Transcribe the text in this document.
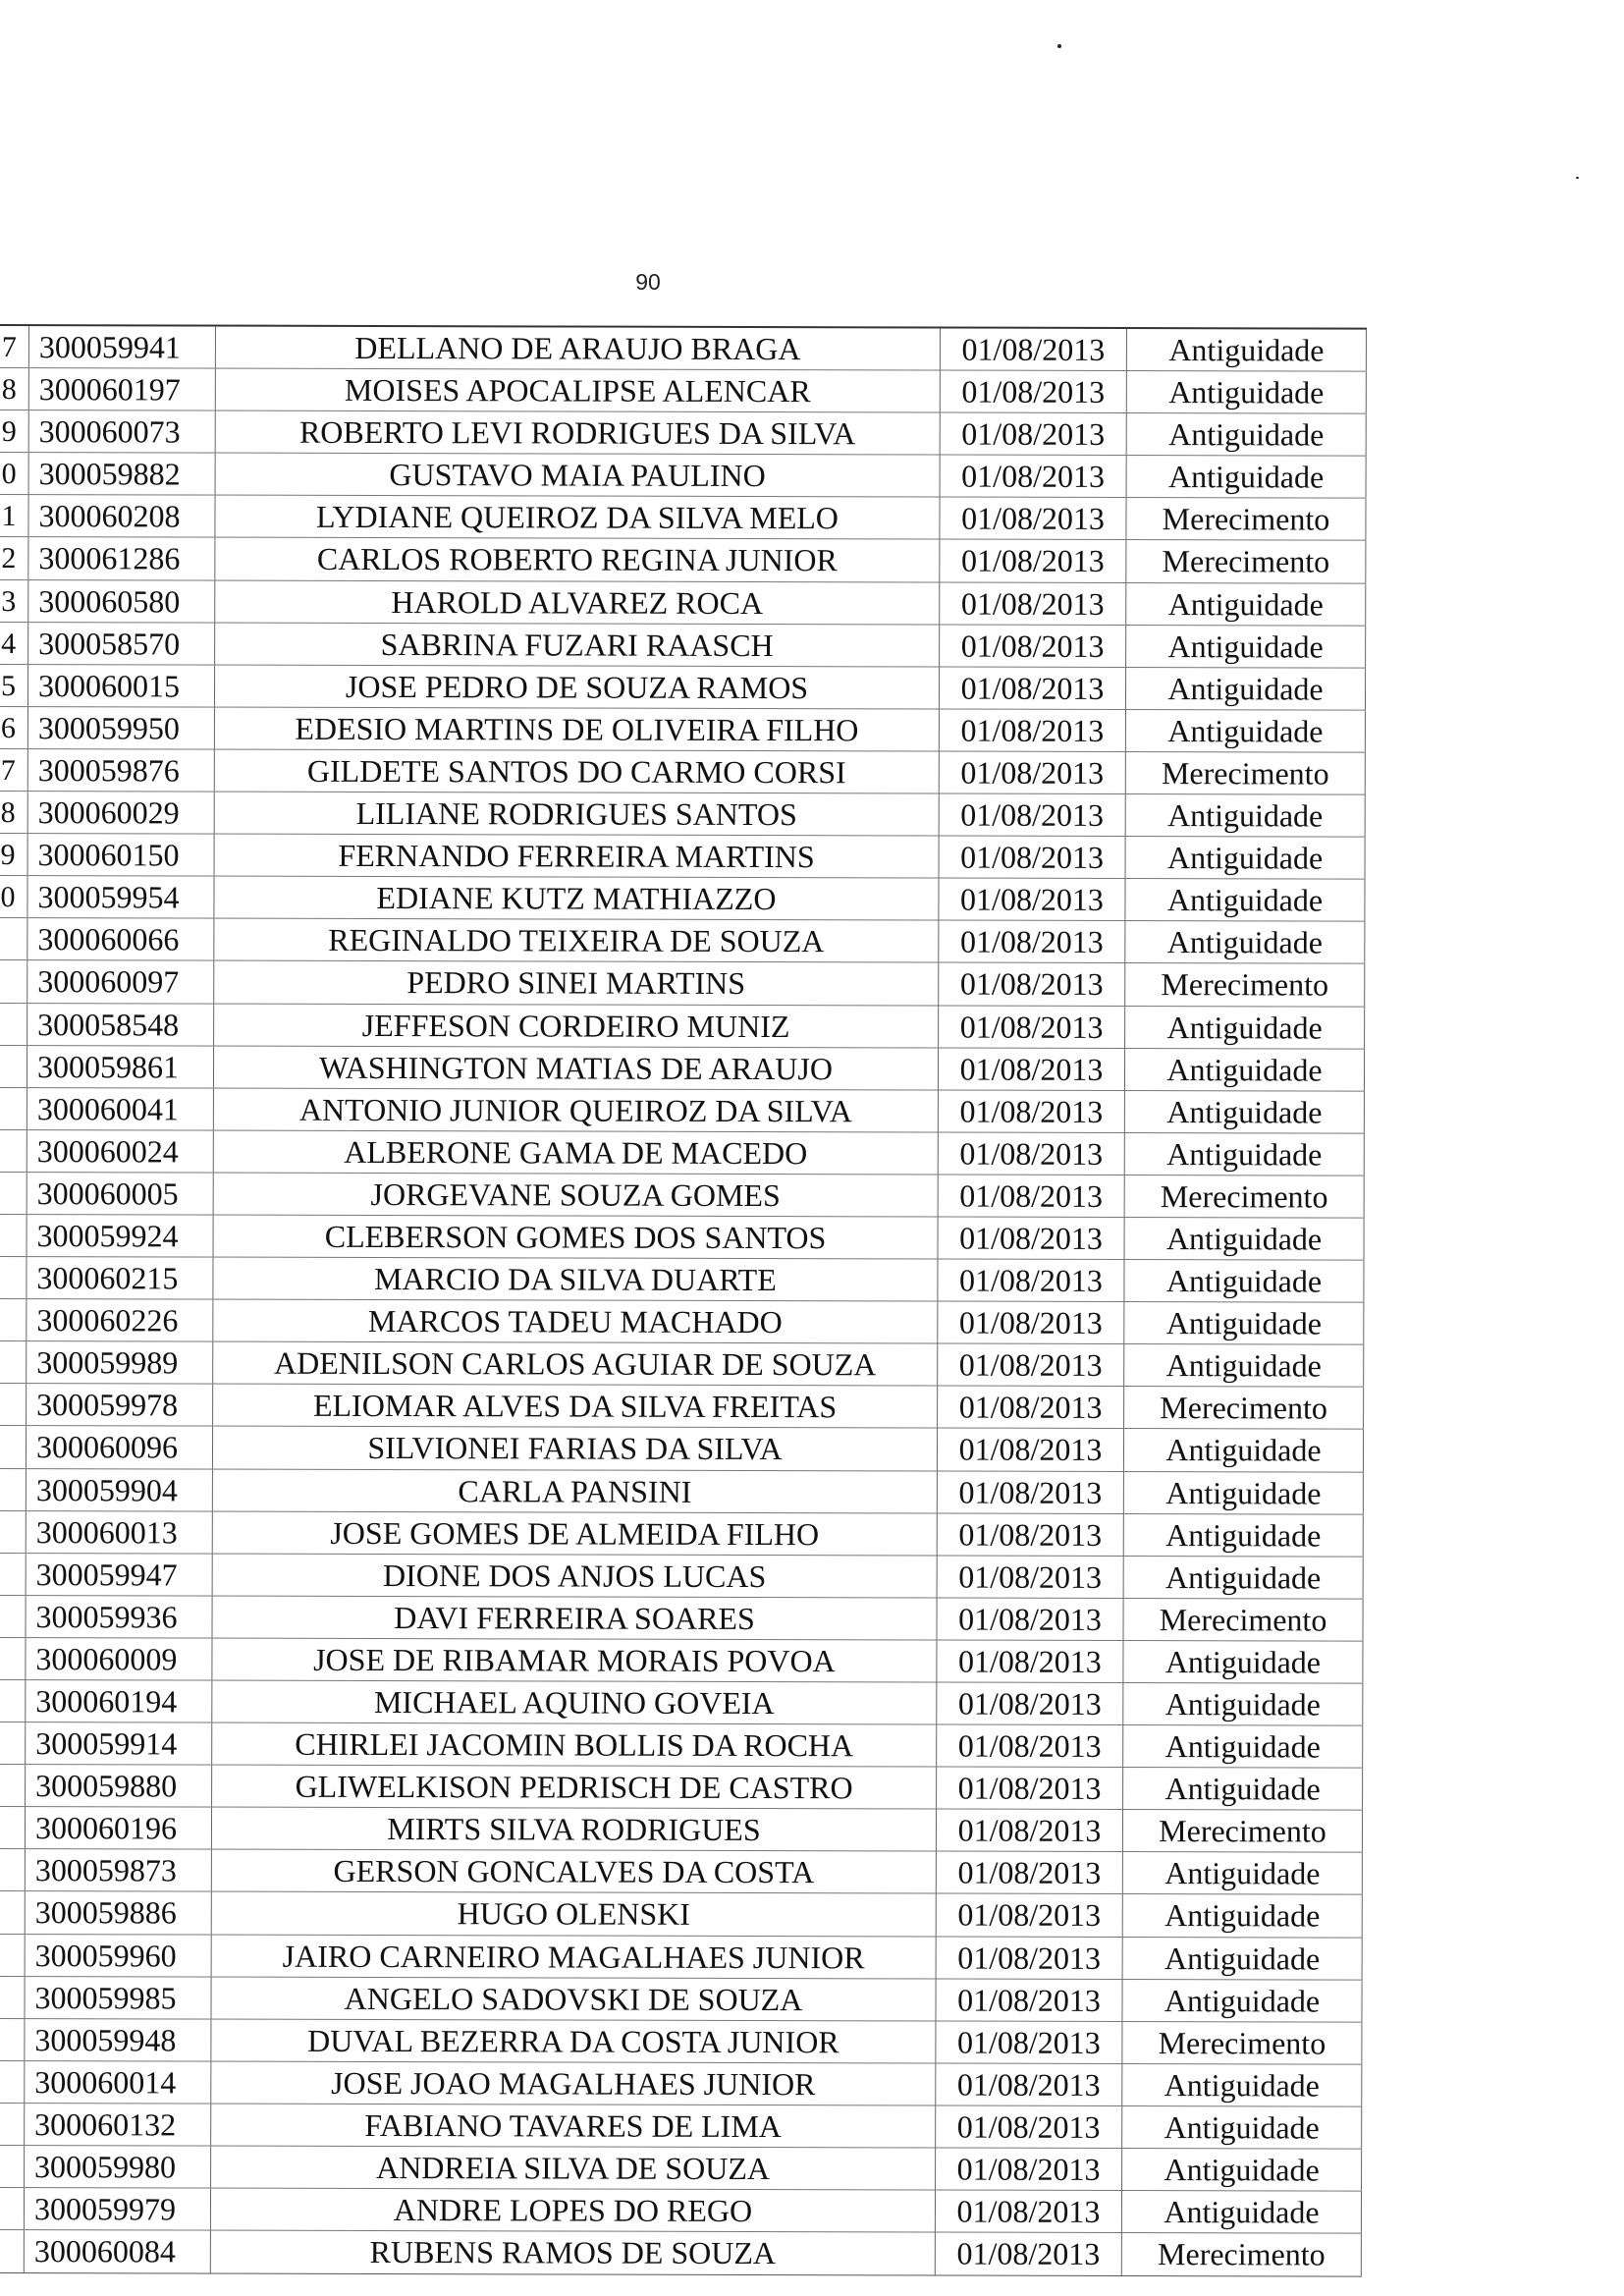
90
7 300059941	DELLANO DE ARAUJO BRAGA	01/08/2013	Antiguidade
8 300060197	MOISES APOCALIPSE ALENCAR	01/08/2013	Antiguidade
9 300060073	ROBERTO LEVI RODRIGUES DA SILVA	01/08/2013	Antiguidade
0 300059882	GUSTAVO MAIA PAULINO	01/08/2013	Antiguidade
1 300060208	LYDIANE QUEIROZ DA SILVA MELO	01/08/2013	Merecimento
2 300061286	CARLOS ROBERTO REGINA JUNIOR	01/08/2013	Merecimento
3 300060580	HAROLD ALVAREZ ROCA	01/08/2013	Antiguidade
4 300058570	SABRINA FUZARI RAASCH	01/08/2013	Antiguidade
5 300060015	JOSE PEDRO DE SOUZA RAMOS	01/08/2013	Antiguidade
6 300059950	EDESIO MARTINS DE OLIVEIRA FILHO	01/08/2013	Antiguidade
7 300059876	GILDETE SANTOS DO CARMO CORSI	01/08/2013	Merecimento
8 300060029	LILIANE RODRIGUES SANTOS	01/08/2013	Antiguidade
9 300060150	FERNANDO FERREIRA MARTINS	01/08/2013	Antiguidade
0 300059954	EDIANE KUTZ MATHIAZZO	01/08/2013	Antiguidade
300060066	REGINALDO TEIXEIRA DE SOUZA	01/08/2013	Antiguidade
300060097	PEDRO SINEI MARTINS	01/08/2013	Merecimento
300058548	JEFFESON CORDEIRO MUNIZ	01/08/2013	Antiguidade
300059861	WASHINGTON MATIAS DE ARAUJO	01/08/2013	Antiguidade
300060041	ANTONIO JUNIOR QUEIROZ DA SILVA	01/08/2013	Antiguidade
300060024	ALBERONE GAMA DE MACEDO	01/08/2013	Antiguidade
300060005	JORGEVANE SOUZA GOMES	01/08/2013	Merecimento
300059924	CLEBERSON GOMES DOS SANTOS	01/08/2013	Antiguidade
300060215	MARCIO DA SILVA DUARTE	01/08/2013	Antiguidade
300060226	MARCOS TADEU MACHADO	01/08/2013	Antiguidade
300059989	ADENILSON CARLOS AGUIAR DE SOUZA	01/08/2013	Antiguidade
300059978	ELIOMAR ALVES DA SILVA FREITAS	01/08/2013	Merecimento
300060096	SILVIONEI FARIAS DA SILVA	01/08/2013	Antiguidade
300059904	CARLA PANSINI	01/08/2013	Antiguidade
300060013	JOSE GOMES DE ALMEIDA FILHO	01/08/2013	Antiguidade
300059947	DIONE DOS ANJOS LUCAS	01/08/2013	Antiguidade
300059936	DAVI FERREIRA SOARES	01/08/2013	Merecimento
300060009	JOSE DE RIBAMAR MORAIS POVOA	01/08/2013	Antiguidade
300060194	MICHAEL AQUINO GOVEIA	01/08/2013	Antiguidade
300059914	CHIRLEI JACOMIN BOLLIS DA ROCHA	01/08/2013	Antiguidade
300059880	GLIWELKISON PEDRISCH DE CASTRO	01/08/2013	Antiguidade
300060196	MIRTS SILVA RODRIGUES	01/08/2013	Merecimento
300059873	GERSON GONCALVES DA COSTA	01/08/2013	Antiguidade
300059886	HUGO OLENSKI	01/08/2013	Antiguidade
300059960	JAIRO CARNEIRO MAGALHAES JUNIOR	01/08/2013	Antiguidade
300059985	ANGELO SADOVSKI DE SOUZA	01/08/2013	Antiguidade
300059948	DUVAL BEZERRA DA COSTA JUNIOR	01/08/2013	Merecimento
300060014	JOSE JOAO MAGALHAES JUNIOR	01/08/2013	Antiguidade
300060132	FABIANO TAVARES DE LIMA	01/08/2013	Antiguidade
300059980	ANDREIA SILVA DE SOUZA	01/08/2013	Antiguidade
300059979	ANDRE LOPES DO REGO	01/08/2013	Antiguidade
300060084	RUBENS RAMOS DE SOUZA	01/08/2013	Merecimento
